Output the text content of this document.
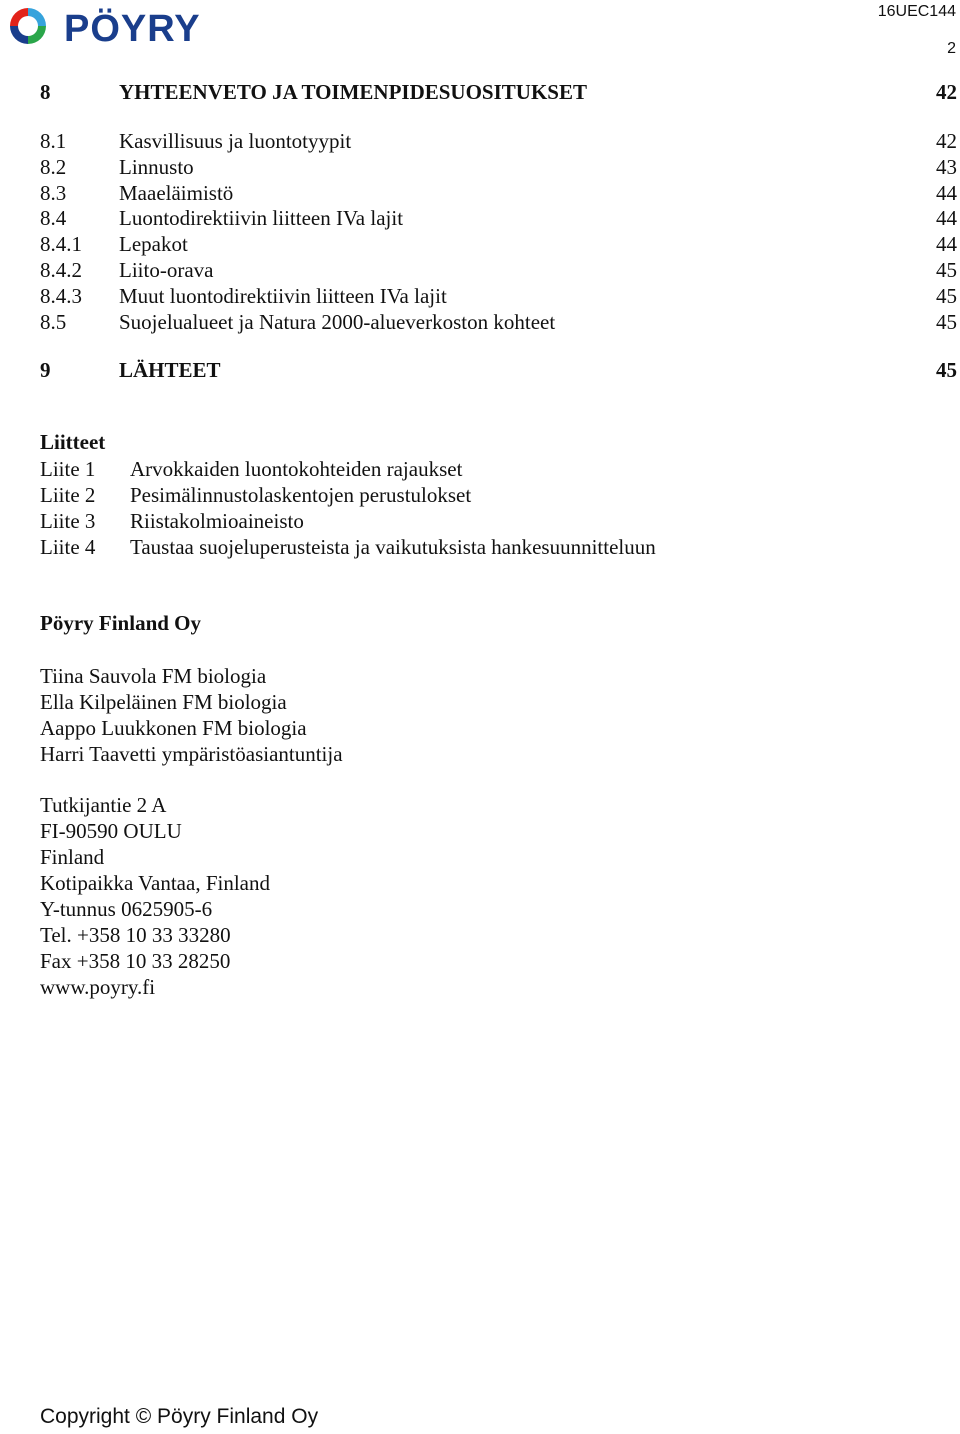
PÖYRY	16UEC144
2
8	YHTEENVETO JA TOIMENPIDESUOSITUKSET	42
8.1	Kasvillisuus ja luontotyypit	42
8.2	Linnusto	43
8.3	Maaeläimistö	44
8.4	Luontodirektiivin liitteen IVa lajit	44
8.4.1 Lepakot	44
8.4.2 Liito-orava	45
8.4.3 Muut luontodirektiivin liitteen IVa lajit	45
8.5	Suojelualueet ja Natura 2000-alueverkoston kohteet	45
9	LÄHTEET	45
Liitteet
Liite 1 Arvokkaiden luontokohteiden rajaukset
Liite 2 Pesimälinnustolaskentojen perustulokset
Liite 3 Riistakolmioaineisto
Liite 4 Taustaa suojeluperusteista ja vaikutuksista hankesuunnitteluun
Pöyry Finland Oy
Tiina Sauvola FM biologia
Ella Kilpeläinen FM biologia
Aappo Luukkonen FM biologia
Harri Taavetti ympäristöasiantuntija
Tutkijantie 2 A
FI-90590 OULU
Finland
Kotipaikka Vantaa, Finland
Y-tunnus 0625905-6
Tel. +358 10 33 33280
Fax +358 10 33 28250
www.poyry.fi
Copyright © Pöyry Finland Oy
